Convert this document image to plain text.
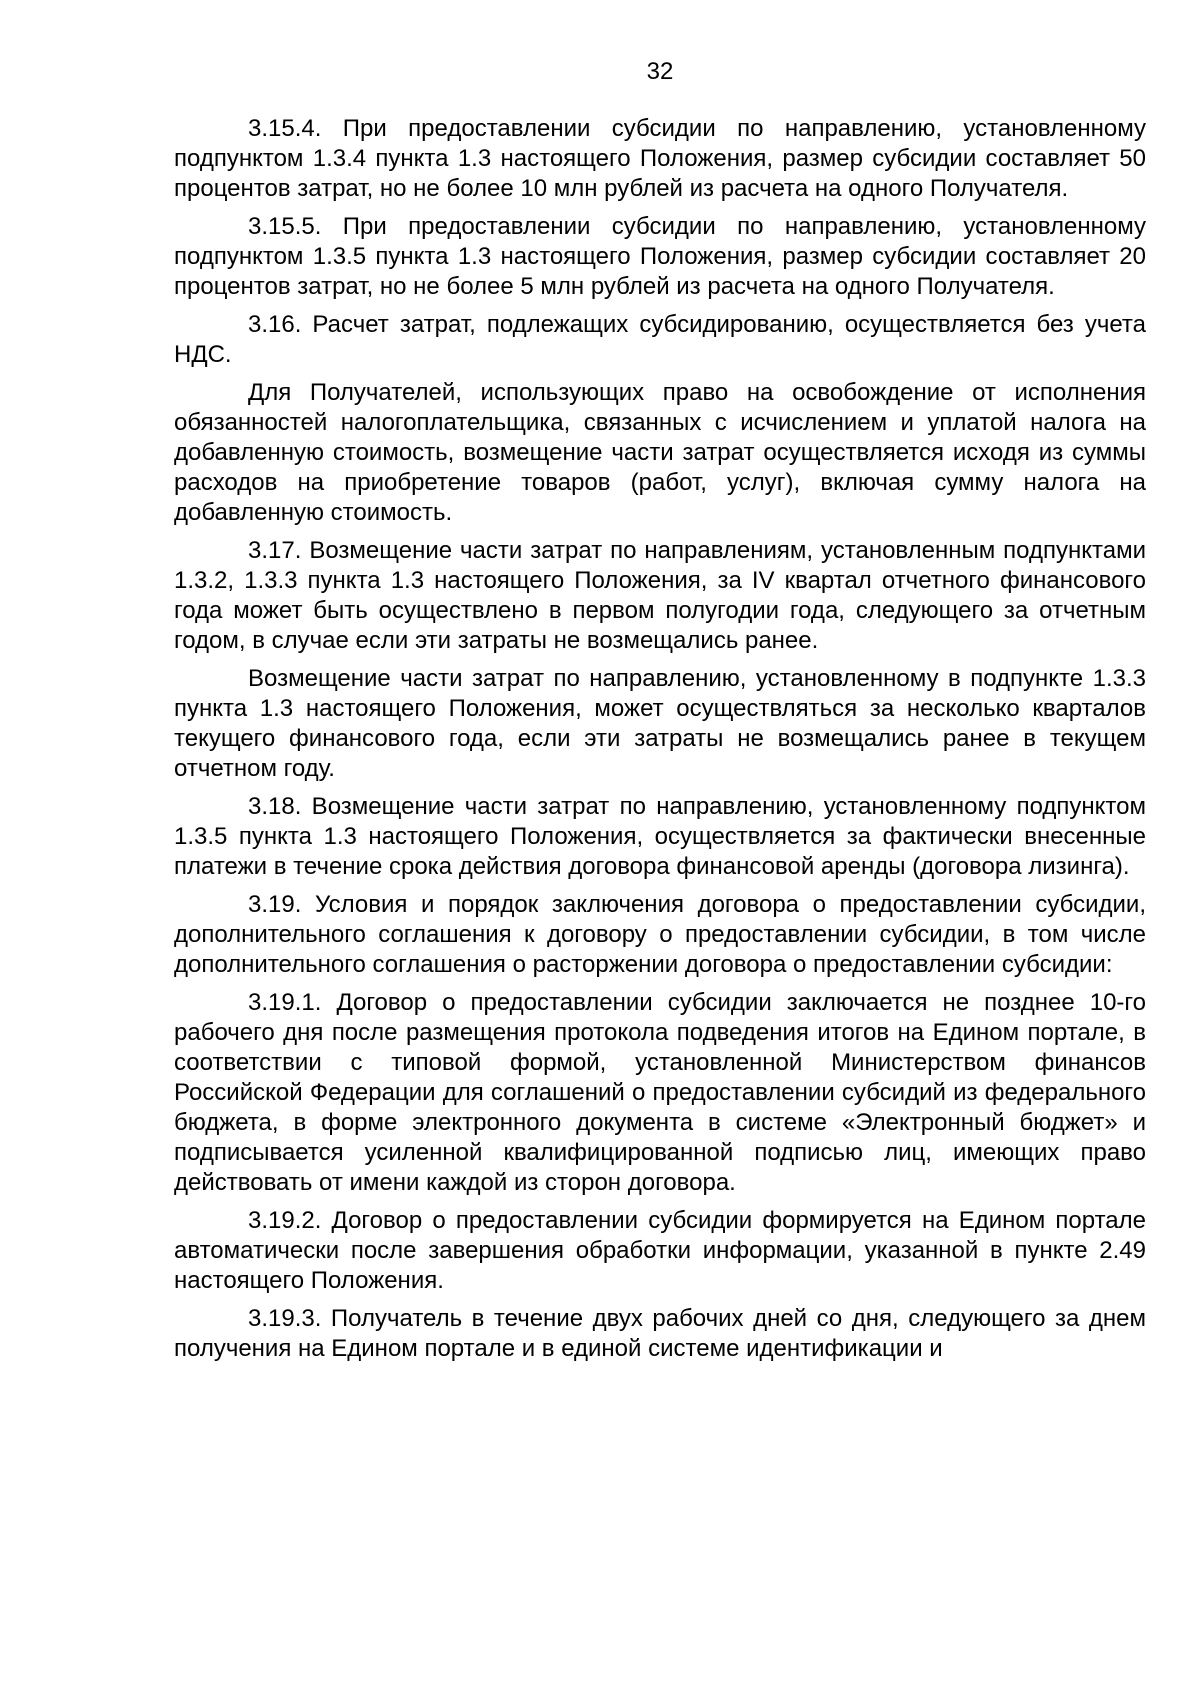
32

3.15.4. При предоставлении субсидии по направлению, установленному подпунктом 1.3.4 пункта 1.3 настоящего Положения, размер субсидии составляет 50 процентов затрат, но не более 10 млн рублей из расчета на одного Получателя.

3.15.5. При предоставлении субсидии по направлению, установленному подпунктом 1.3.5 пункта 1.3 настоящего Положения, размер субсидии составляет 20 процентов затрат, но не более 5 млн рублей из расчета на одного Получателя.

3.16. Расчет затрат, подлежащих субсидированию, осуществляется без учета НДС.

Для Получателей, использующих право на освобождение от исполнения обязанностей налогоплательщика, связанных с исчислением и уплатой налога на добавленную стоимость, возмещение части затрат осуществляется исходя из суммы расходов на приобретение товаров (работ, услуг), включая сумму налога на добавленную стоимость.

3.17. Возмещение части затрат по направлениям, установленным подпунктами 1.3.2, 1.3.3 пункта 1.3 настоящего Положения, за IV квартал отчетного финансового года может быть осуществлено в первом полугодии года, следующего за отчетным годом, в случае если эти затраты не возмещались ранее.

Возмещение части затрат по направлению, установленному в подпункте 1.3.3 пункта 1.3 настоящего Положения, может осуществляться за несколько кварталов текущего финансового года, если эти затраты не возмещались ранее в текущем отчетном году.

3.18. Возмещение части затрат по направлению, установленному подпунктом 1.3.5 пункта 1.3 настоящего Положения, осуществляется за фактически внесенные платежи в течение срока действия договора финансовой аренды (договора лизинга).

3.19. Условия и порядок заключения договора о предоставлении субсидии, дополнительного соглашения к договору о предоставлении субсидии, в том числе дополнительного соглашения о расторжении договора о предоставлении субсидии:

3.19.1. Договор о предоставлении субсидии заключается не позднее 10-го рабочего дня после размещения протокола подведения итогов на Едином портале, в соответствии с типовой формой, установленной Министерством финансов Российской Федерации для соглашений о предоставлении субсидий из федерального бюджета, в форме электронного документа в системе «Электронный бюджет» и подписывается усиленной квалифицированной подписью лиц, имеющих право действовать от имени каждой из сторон договора.

3.19.2. Договор о предоставлении субсидии формируется на Едином портале автоматически после завершения обработки информации, указанной в пункте 2.49 настоящего Положения.

3.19.3. Получатель в течение двух рабочих дней со дня, следующего за днем получения на Едином портале и в единой системе идентификации и
